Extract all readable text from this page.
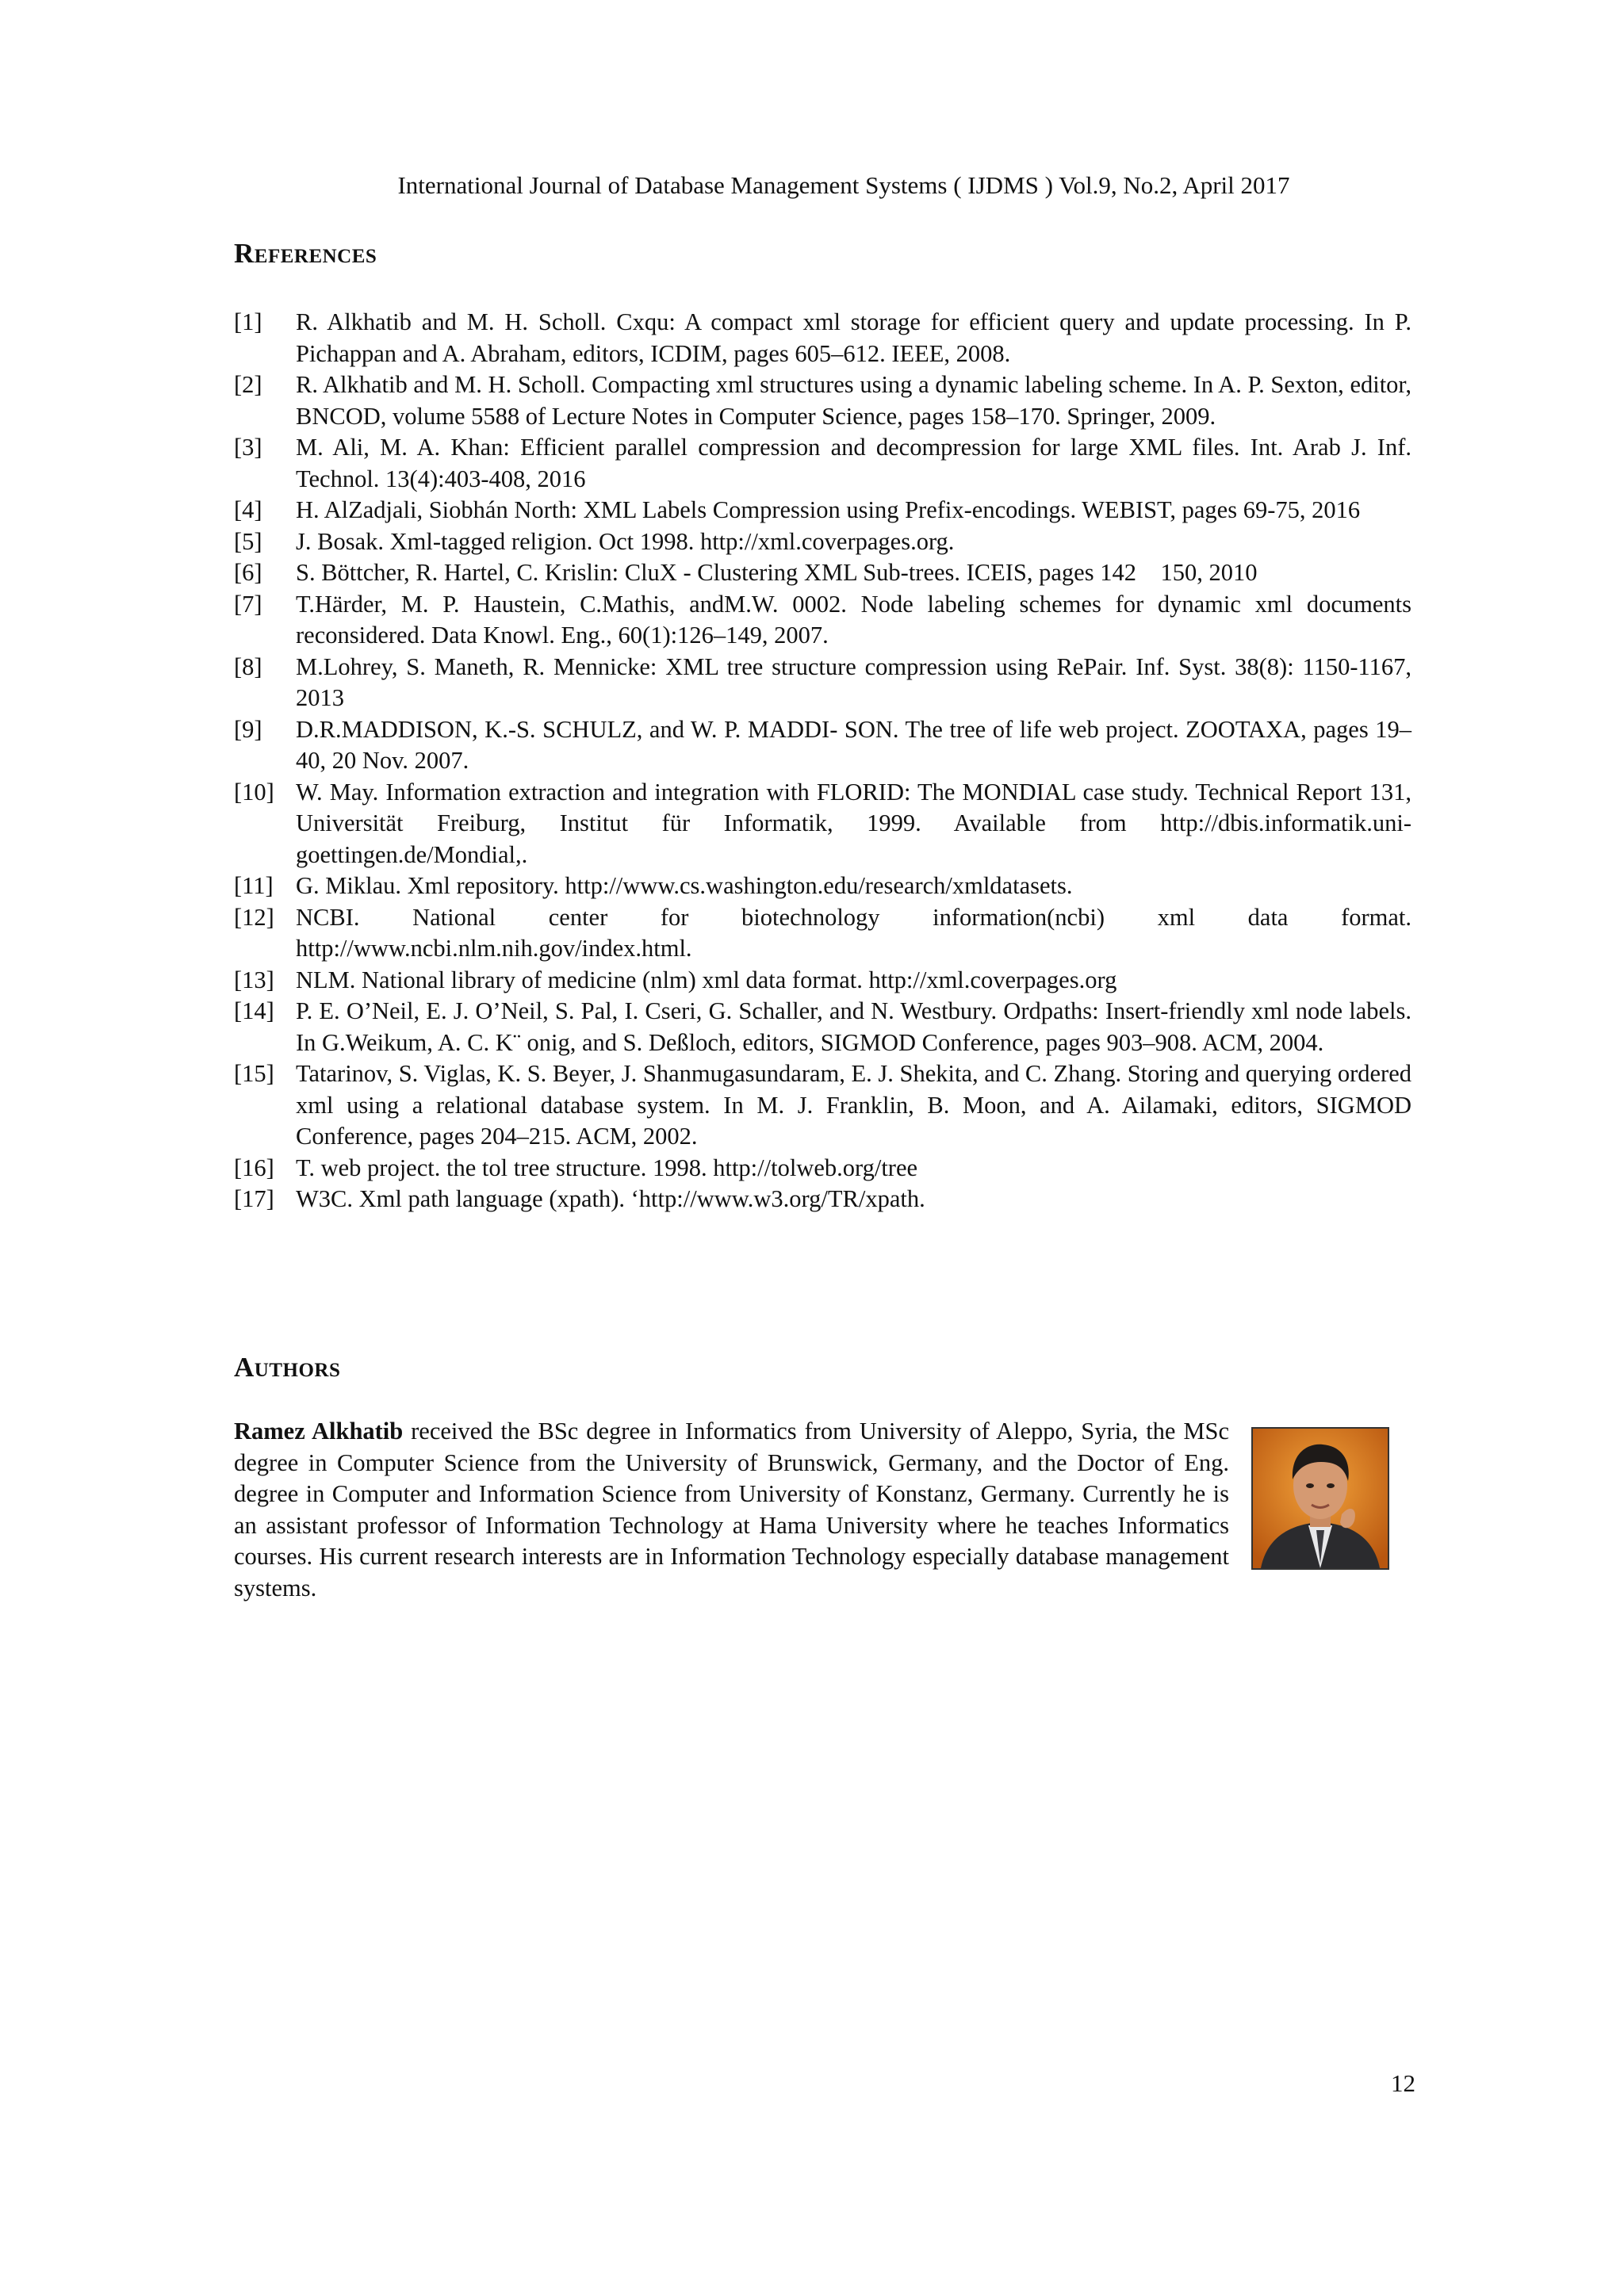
International Journal of Database Management Systems ( IJDMS ) Vol.9, No.2, April 2017
References
[1]	R. Alkhatib and M. H. Scholl. Cxqu: A compact xml storage for efficient query and update processing. In P. Pichappan and A. Abraham, editors, ICDIM, pages 605–612. IEEE, 2008.
[2]	R. Alkhatib and M. H. Scholl. Compacting xml structures using a dynamic labeling scheme. In A. P. Sexton, editor, BNCOD, volume 5588 of Lecture Notes in Computer Science, pages 158–170. Springer, 2009.
[3]	M. Ali, M. A. Khan: Efficient parallel compression and decompression for large XML files. Int. Arab J. Inf. Technol. 13(4):403-408, 2016
[4]	H. AlZadjali, Siobhán North: XML Labels Compression using Prefix-encodings. WEBIST, pages 69-75, 2016
[5]	J. Bosak. Xml-tagged religion. Oct 1998. http://xml.coverpages.org.
[6]	S. Böttcher, R. Hartel, C. Krislin: CluX - Clustering XML Sub-trees. ICEIS, pages 142    150, 2010
[7]	T.Härder, M. P. Haustein, C.Mathis, andM.W. 0002. Node labeling schemes for dynamic xml documents reconsidered. Data Knowl. Eng., 60(1):126–149, 2007.
[8]	M.Lohrey, S. Maneth, R. Mennicke: XML tree structure compression using RePair. Inf. Syst. 38(8): 1150-1167, 2013
[9]	D.R.MADDISON, K.-S. SCHULZ, and W. P. MADDI- SON. The tree of life web project. ZOOTAXA, pages 19–40, 20 Nov. 2007.
[10] W. May. Information extraction and integration with FLORID: The MONDIAL case study. Technical Report 131, Universität Freiburg, Institut für Informatik, 1999. Available from http://dbis.informatik.uni-goettingen.de/Mondial,.
[11] G. Miklau. Xml repository. http://www.cs.washington.edu/research/xmldatasets.
[12] NCBI. National center for biotechnology information(ncbi) xml data format. http://www.ncbi.nlm.nih.gov/index.html.
[13] NLM. National library of medicine (nlm) xml data format. http://xml.coverpages.org
[14] P. E. O’Neil, E. J. O’Neil, S. Pal, I. Cseri, G. Schaller, and N. Westbury. Ordpaths: Insert-friendly xml node labels. In G.Weikum, A. C. K¨ onig, and S. Deßloch, editors, SIGMOD Conference, pages 903–908. ACM, 2004.
[15] Tatarinov, S. Viglas, K. S. Beyer, J. Shanmugasundaram, E. J. Shekita, and C. Zhang. Storing and querying ordered xml using a relational database system. In M. J. Franklin, B. Moon, and A. Ailamaki, editors, SIGMOD Conference, pages 204–215. ACM, 2002.
[16] T. web project. the tol tree structure. 1998. http://tolweb.org/tree
[17] W3C. Xml path language (xpath). ‘http://www.w3.org/TR/xpath.
Authors

Ramez Alkhatib received the BSc degree in Informatics from University of Aleppo, Syria, the MSc degree in Computer Science from the University of Brunswick, Germany, and the Doctor of Eng. degree in Computer and Information Science from University of Konstanz, Germany. Currently he is an assistant professor of Information Technology at Hama University where he teaches Informatics courses. His current research interests are in Information Technology especially database management systems.

12
